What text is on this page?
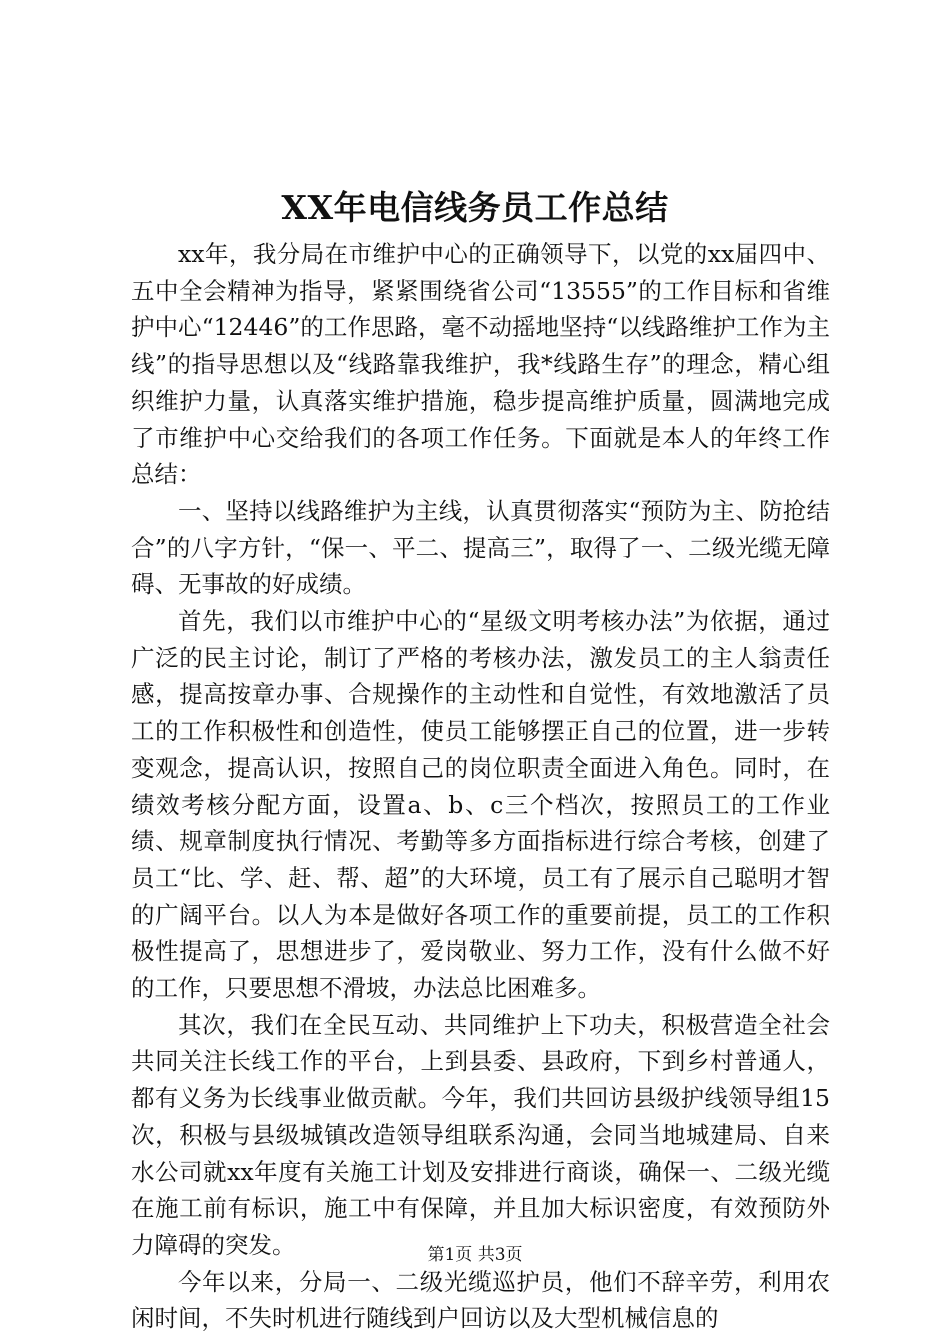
XX年电信线务员工作总结

xx年，我分局在市维护中心的正确领导下，以党的xx届四中、五中全会精神为指导，紧紧围绕省公司“13555”的工作目标和省维护中心“12446”的工作思路，毫不动摇地坚持“以线路维护工作为主线”的指导思想以及“线路靠我维护，我*线路生存”的理念，精心组织维护力量，认真落实维护措施，稳步提高维护质量，圆满地完成了市维护中心交给我们的各项工作任务。下面就是本人的年终工作总结：

一、坚持以线路维护为主线，认真贯彻落实“预防为主、防抢结合”的八字方针，“保一、平二、提高三”，取得了一、二级光缆无障碍、无事故的好成绩。

首先，我们以市维护中心的“星级文明考核办法”为依据，通过广泛的民主讨论，制订了严格的考核办法，激发员工的主人翁责任感，提高按章办事、合规操作的主动性和自觉性，有效地激活了员工的工作积极性和创造性，使员工能够摆正自己的位置，进一步转变观念，提高认识，按照自己的岗位职责全面进入角色。同时，在绩效考核分配方面，设置a、b、c三个档次，按照员工的工作业绩、规章制度执行情况、考勤等多方面指标进行综合考核，创建了员工“比、学、赶、帮、超”的大环境，员工有了展示自己聪明才智的广阔平台。以人为本是做好各项工作的重要前提，员工的工作积极性提高了，思想进步了，爱岗敬业、努力工作，没有什么做不好的工作，只要思想不滑坡，办法总比困难多。

其次，我们在全民互动、共同维护上下功夫，积极营造全社会共同关注长线工作的平台，上到县委、县政府，下到乡村普通人，都有义务为长线事业做贡献。今年，我们共回访县级护线领导组15次，积极与县级城镇改造领导组联系沟通，会同当地城建局、自来水公司就xx年度有关施工计划及安排进行商谈，确保一、二级光缆在施工前有标识，施工中有保障，并且加大标识密度，有效预防外力障碍的突发。

今年以来，分局一、二级光缆巡护员，他们不辞辛劳，利用农闲时间，不失时机进行随线到户回访以及大型机械信息的

第1页 共3页
